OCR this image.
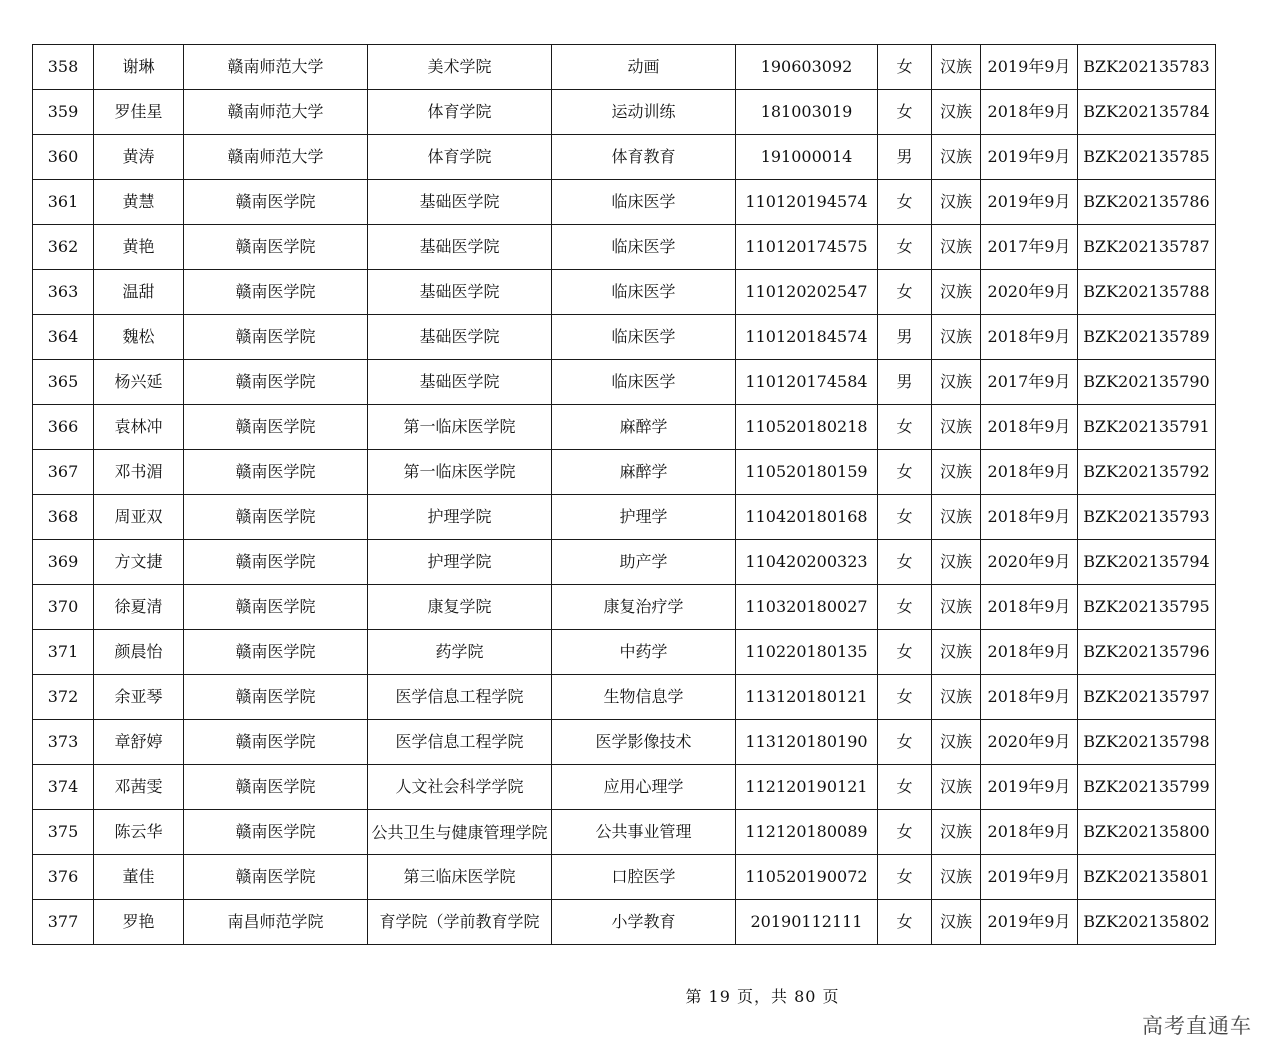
358	谢琳	赣南师范大学	美术学院	动画	190603092	女	汉族	2019年9月	BZK202135783
359	罗佳星	赣南师范大学	体育学院	运动训练	181003019	女	汉族	2018年9月	BZK202135784
360	黄涛	赣南师范大学	体育学院	体育教育	191000014	男	汉族	2019年9月	BZK202135785
361	黄慧	赣南医学院	基础医学院	临床医学	110120194574	女	汉族	2019年9月	BZK202135786
362	黄艳	赣南医学院	基础医学院	临床医学	110120174575	女	汉族	2017年9月	BZK202135787
363	温甜	赣南医学院	基础医学院	临床医学	110120202547	女	汉族	2020年9月	BZK202135788
364	魏松	赣南医学院	基础医学院	临床医学	110120184574	男	汉族	2018年9月	BZK202135789
365	杨兴延	赣南医学院	基础医学院	临床医学	110120174584	男	汉族	2017年9月	BZK202135790
366	袁林冲	赣南医学院	第一临床医学院	麻醉学	110520180218	女	汉族	2018年9月	BZK202135791
367	邓书湄	赣南医学院	第一临床医学院	麻醉学	110520180159	女	汉族	2018年9月	BZK202135792
368	周亚双	赣南医学院	护理学院	护理学	110420180168	女	汉族	2018年9月	BZK202135793
369	方文捷	赣南医学院	护理学院	助产学	110420200323	女	汉族	2020年9月	BZK202135794
370	徐夏清	赣南医学院	康复学院	康复治疗学	110320180027	女	汉族	2018年9月	BZK202135795
371	颜晨怡	赣南医学院	药学院	中药学	110220180135	女	汉族	2018年9月	BZK202135796
372	余亚琴	赣南医学院	医学信息工程学院	生物信息学	113120180121	女	汉族	2018年9月	BZK202135797
373	章舒婷	赣南医学院	医学信息工程学院	医学影像技术	113120180190	女	汉族	2020年9月	BZK202135798
374	邓茜雯	赣南医学院	人文社会科学学院	应用心理学	112120190121	女	汉族	2019年9月	BZK202135799
375	陈云华	赣南医学院	公共卫生与健康管理学院	公共事业管理	112120180089	女	汉族	2018年9月	BZK202135800
376	董佳	赣南医学院	第三临床医学院	口腔医学	110520190072	女	汉族	2019年9月	BZK202135801
377	罗艳	南昌师范学院	育学院（学前教育学院	小学教育	20190112111	女	汉族	2019年9月	BZK202135802
第 19 页，共 80 页
高考直通车
